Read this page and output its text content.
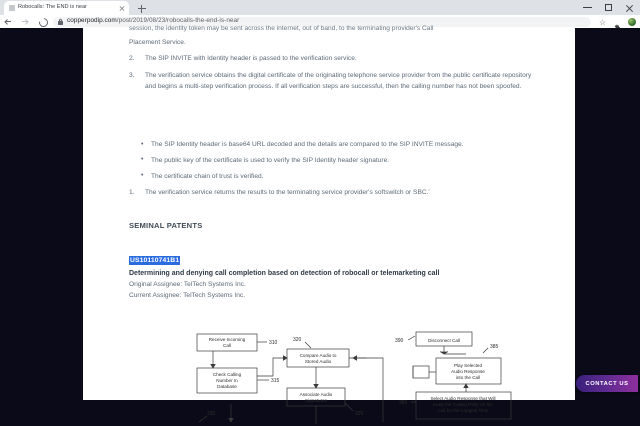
Robocalls: The END is near
copperpodip.com/post/2019/08/23/robocalls-the-end-is-near	☆
session, the identity token may be sent across the internet, out of band, to the terminating provider's Call
Placement Service.
2.	The SIP INVITE with Identity header is passed to the verification service.
3.	The verification service obtains the digital certificate of the originating telephone service provider from the public certificate repository and begins a multi-step verification process. If all verification steps are successful, then the calling number has not been spoofed.
•	The SIP Identity header is base64 URL decoded and the details are compared to the SIP INVITE message.
•	The public key of the certificate is used to verify the SIP Identity header signature.
•	The certificate chain of trust is verified.
1.	The verification service returns the results to the terminating service provider's softswitch or SBC.'
SEMINAL PATENTS
US10110741B1
Determining and denying call completion based on detection of robocall or telemarketing call
Original Assignee: TelTech Systems Inc.
Current Assignee: TelTech Systems Inc.
Receive Incoming
Call
Check Calling
Number In
Database
Compare Audio to
Stored Audio
Associate Audio
Signatures
Disconnect Call
Play Selected
Audio Response
into the Call
Select Audio Response that Will
Keep the Calling Party on the
Call for the Longest Time
310
315
320
325
330
390
380
385
CONTACT US
